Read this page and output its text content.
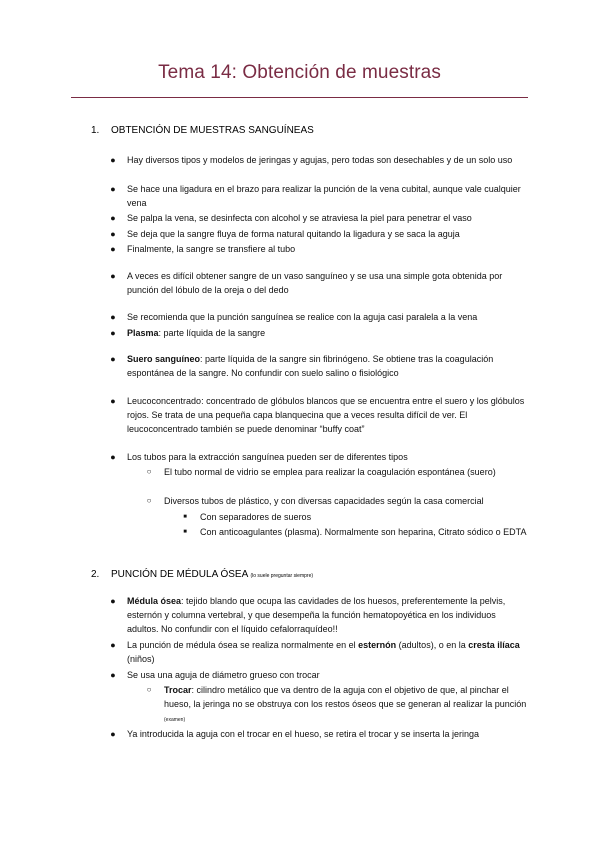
Tema 14: Obtención de muestras
1. OBTENCIÓN DE MUESTRAS SANGUÍNEAS
● Hay diversos tipos y modelos de jeringas y agujas, pero todas son desechables y de un solo uso
● Se hace una ligadura en el brazo para realizar la punción de la vena cubital, aunque vale cualquier vena
● Se palpa la vena, se desinfecta con alcohol y se atraviesa la piel para penetrar el vaso
● Se deja que la sangre fluya de forma natural quitando la ligadura y se saca la aguja
● Finalmente, la sangre se transfiere al tubo
● A veces es difícil obtener sangre de un vaso sanguíneo y se usa una simple gota obtenida por punción del lóbulo de la oreja o del dedo
● Se recomienda que la punción sanguínea se realice con la aguja casi paralela a la vena
● Plasma: parte líquida de la sangre
● Suero sanguíneo: parte líquida de la sangre sin fibrinógeno. Se obtiene tras la coagulación espontánea de la sangre. No confundir con suelo salino o fisiológico
● Leucoconcentrado: concentrado de glóbulos blancos que se encuentra entre el suero y los glóbulos rojos. Se trata de una pequeña capa blanquecina que a veces resulta difícil de ver. El leucoconcentrado también se puede denominar “buffy coat”
● Los tubos para la extracción sanguínea pueden ser de diferentes tipos
○ El tubo normal de vidrio se emplea para realizar la coagulación espontánea (suero)
○ Diversos tubos de plástico, y con diversas capacidades según la casa comercial
■ Con separadores de sueros
■ Con anticoagulantes (plasma). Normalmente son heparina, Citrato sódico o EDTA
2. PUNCIÓN DE MÉDULA ÓSEA (lo suele preguntar siempre)
● Médula ósea: tejido blando que ocupa las cavidades de los huesos, preferentemente la pelvis, esternón y columna vertebral, y que desempeña la función hematopoyética en los individuos adultos. No confundir con el líquido cefalorraquídeo!!
● La punción de médula ósea se realiza normalmente en el esternón (adultos), o en la cresta ilíaca (niños)
● Se usa una aguja de diámetro grueso con trocar
○ Trocar: cilindro metálico que va dentro de la aguja con el objetivo de que, al pinchar el hueso, la jeringa no se obstruya con los restos óseos que se generan al realizar la punción (examen)
● Ya introducida la aguja con el trocar en el hueso, se retira el trocar y se inserta la jeringa
